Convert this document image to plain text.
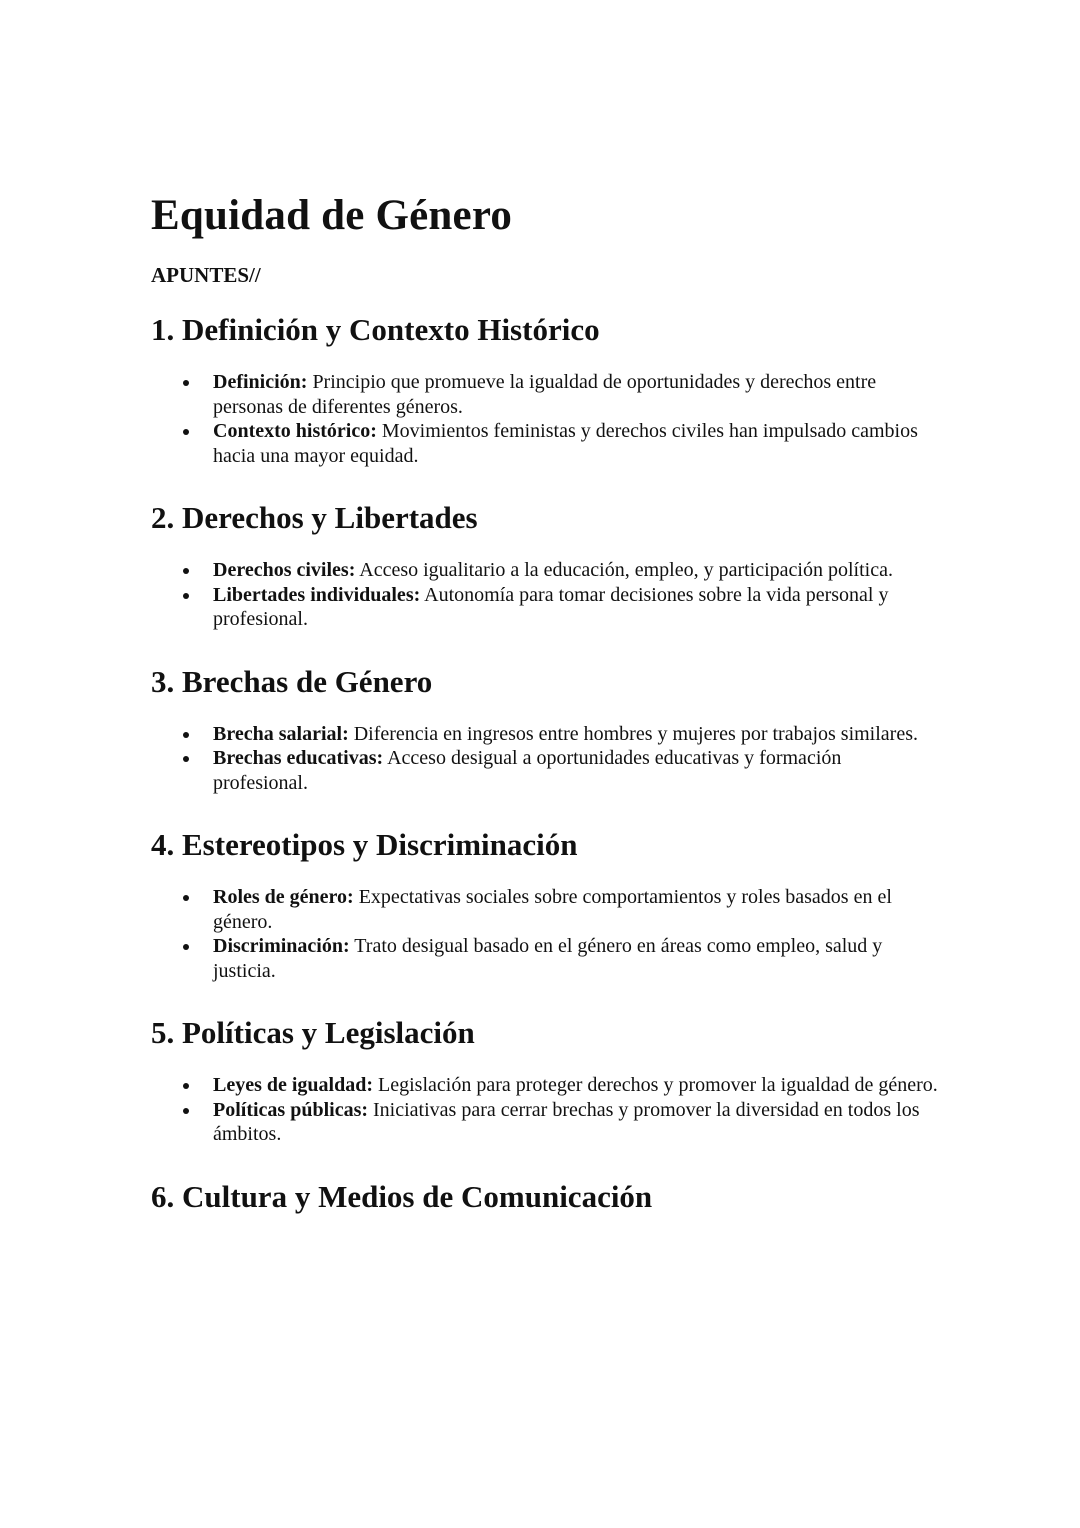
Equidad de Género
APUNTES//
1. Definición y Contexto Histórico
Definición: Principio que promueve la igualdad de oportunidades y derechos entre personas de diferentes géneros.
Contexto histórico: Movimientos feministas y derechos civiles han impulsado cambios hacia una mayor equidad.
2. Derechos y Libertades
Derechos civiles: Acceso igualitario a la educación, empleo, y participación política.
Libertades individuales: Autonomía para tomar decisiones sobre la vida personal y profesional.
3. Brechas de Género
Brecha salarial: Diferencia en ingresos entre hombres y mujeres por trabajos similares.
Brechas educativas: Acceso desigual a oportunidades educativas y formación profesional.
4. Estereotipos y Discriminación
Roles de género: Expectativas sociales sobre comportamientos y roles basados en el género.
Discriminación: Trato desigual basado en el género en áreas como empleo, salud y justicia.
5. Políticas y Legislación
Leyes de igualdad: Legislación para proteger derechos y promover la igualdad de género.
Políticas públicas: Iniciativas para cerrar brechas y promover la diversidad en todos los ámbitos.
6. Cultura y Medios de Comunicación
